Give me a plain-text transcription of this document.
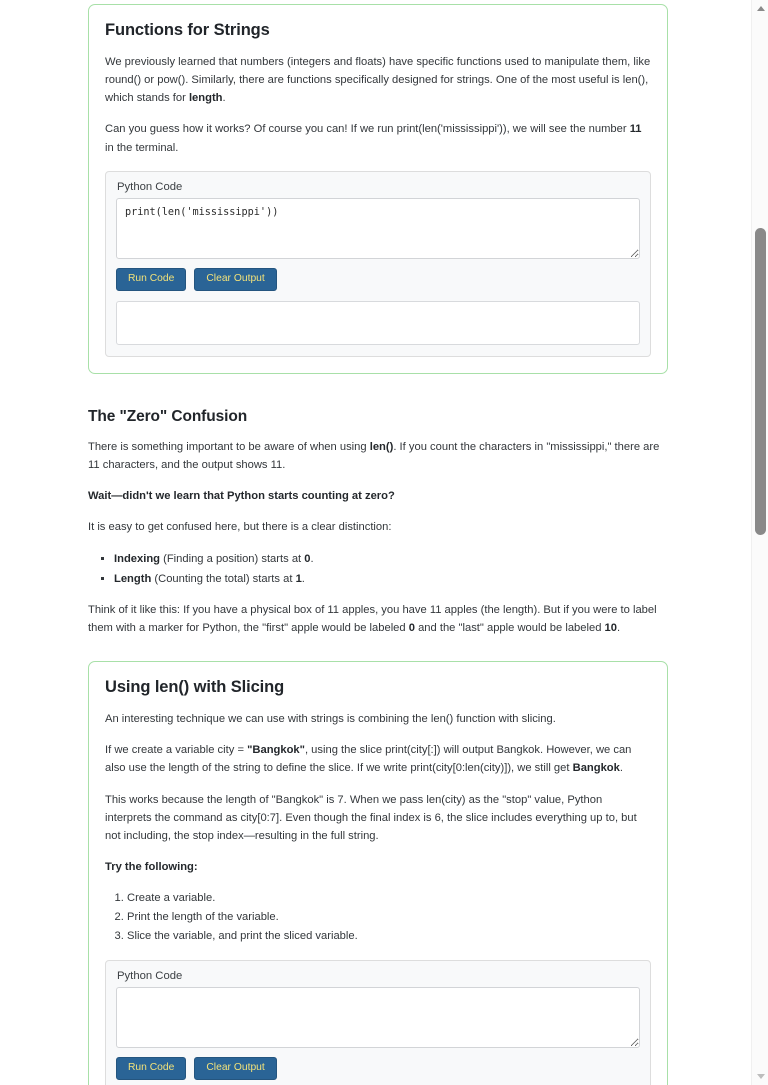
Functions for Strings

We previously learned that numbers (integers and floats) have specific functions used to manipulate them, like round() or pow(). Similarly, there are functions specifically designed for strings. One of the most useful is len(), which stands for length.

Can you guess how it works? Of course you can! If we run print(len('mississippi')), we will see the number 11 in the terminal.

Python Code
print(len('mississippi'))
Run Code	Clear Output
The "Zero" Confusion

There is something important to be aware of when using len(). If you count the characters in "mississippi," there are 11 characters, and the output shows 11.

Wait—didn't we learn that Python starts counting at zero?

It is easy to get confused here, but there is a clear distinction:

▪ Indexing (Finding a position) starts at 0.
▪ Length (Counting the total) starts at 1.

Think of it like this: If you have a physical box of 11 apples, you have 11 apples (the length). But if you were to label them with a marker for Python, the "first" apple would be labeled 0 and the "last" apple would be labeled 10.

Using len() with Slicing

An interesting technique we can use with strings is combining the len() function with slicing.

If we create a variable city = "Bangkok", using the slice print(city[:]) will output Bangkok. However, we can also use the length of the string to define the slice. If we write print(city[0:len(city)]), we still get Bangkok.

This works because the length of "Bangkok" is 7. When we pass len(city) as the "stop" value, Python interprets the command as city[0:7]. Even though the final index is 6, the slice includes everything up to, but not including, the stop index—resulting in the full string.

Try the following:

1. Create a variable.
2. Print the length of the variable.
3. Slice the variable, and print the sliced variable.
Python Code
Run Code	Clear Output
